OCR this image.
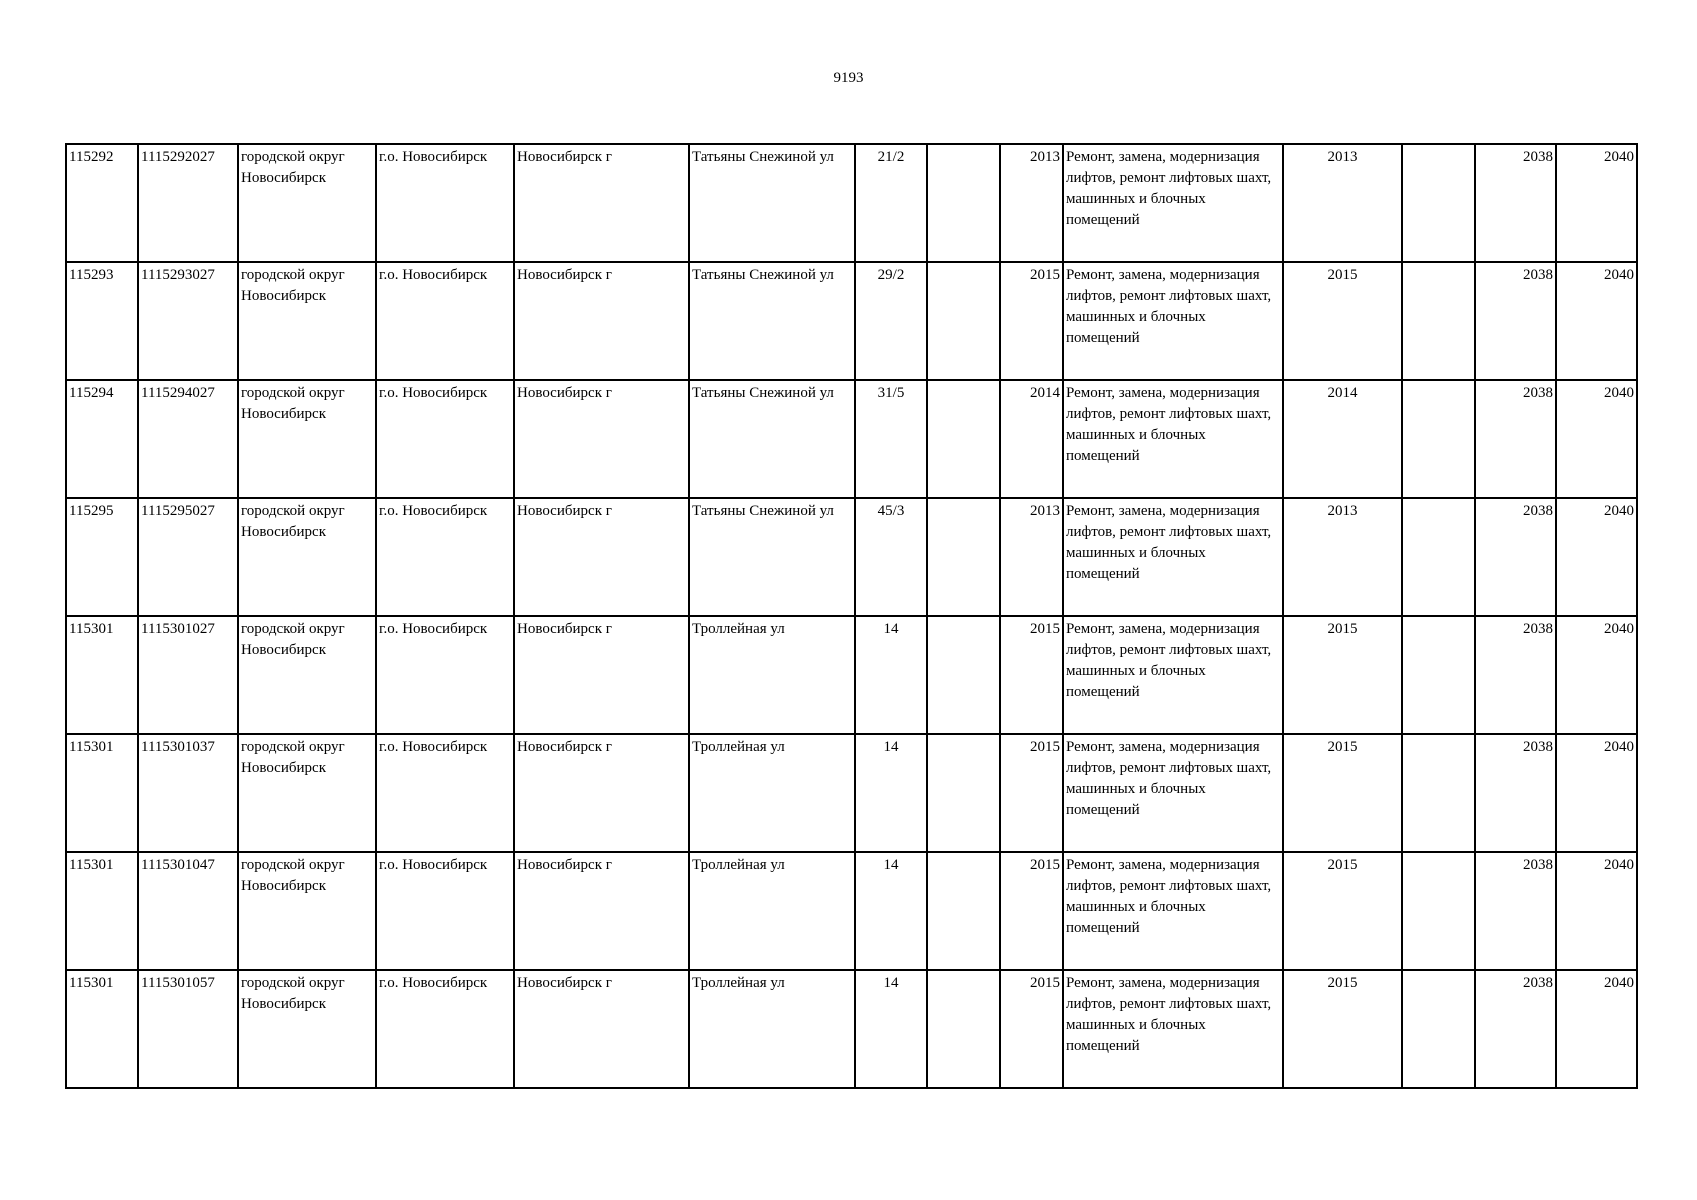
9193
115292	1115292027	городской округ Новосибирск	г.о. Новосибирск	Новосибирск г	Татьяны Снежиной ул	21/2		2013	Ремонт, замена, модернизация лифтов, ремонт лифтовых шахт, машинных и блочных помещений	2013		2038	2040
115293	1115293027	городской округ Новосибирск	г.о. Новосибирск	Новосибирск г	Татьяны Снежиной ул	29/2		2015	Ремонт, замена, модернизация лифтов, ремонт лифтовых шахт, машинных и блочных помещений	2015		2038	2040
115294	1115294027	городской округ Новосибирск	г.о. Новосибирск	Новосибирск г	Татьяны Снежиной ул	31/5		2014	Ремонт, замена, модернизация лифтов, ремонт лифтовых шахт, машинных и блочных помещений	2014		2038	2040
115295	1115295027	городской округ Новосибирск	г.о. Новосибирск	Новосибирск г	Татьяны Снежиной ул	45/3		2013	Ремонт, замена, модернизация лифтов, ремонт лифтовых шахт, машинных и блочных помещений	2013		2038	2040
115301	1115301027	городской округ Новосибирск	г.о. Новосибирск	Новосибирск г	Троллейная ул	14		2015	Ремонт, замена, модернизация лифтов, ремонт лифтовых шахт, машинных и блочных помещений	2015		2038	2040
115301	1115301037	городской округ Новосибирск	г.о. Новосибирск	Новосибирск г	Троллейная ул	14		2015	Ремонт, замена, модернизация лифтов, ремонт лифтовых шахт, машинных и блочных помещений	2015		2038	2040
115301	1115301047	городской округ Новосибирск	г.о. Новосибирск	Новосибирск г	Троллейная ул	14		2015	Ремонт, замена, модернизация лифтов, ремонт лифтовых шахт, машинных и блочных помещений	2015		2038	2040
115301	1115301057	городской округ Новосибирск	г.о. Новосибирск	Новосибирск г	Троллейная ул	14		2015	Ремонт, замена, модернизация лифтов, ремонт лифтовых шахт, машинных и блочных помещений	2015		2038	2040
